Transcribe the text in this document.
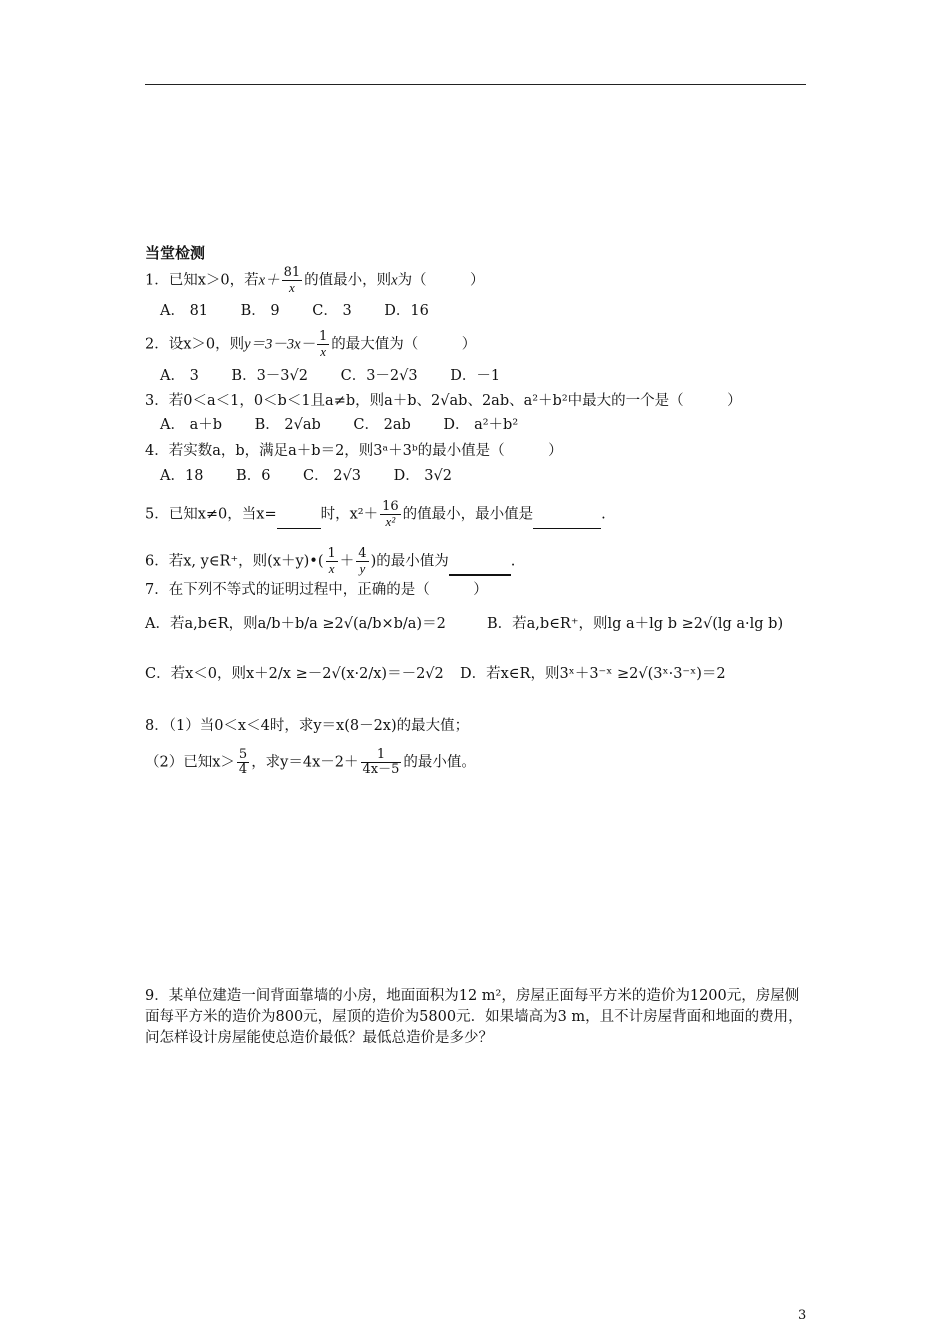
当堂检测
1．已知x＞0，若$x+ \frac{81}{x}$ 的值最小，则x为（　　　）
A． 81 B． 9 C． 3 D．16
2．设x＞0，则$y=3-3x- \frac{1}{x}$ 的最大值为（　　　）
A． 3 B．3－3√2 C．3－2√3 D．－1
3．若0＜a＜1，0＜b＜1且a≠b，则a＋b、2√ab、2ab、a²＋b²中最大的一个是（　　　）
A． a＋b B． 2√ab C． 2ab D． a²＋b²
4．若实数a，b，满足a＋b＝2，则3ᵃ＋3ᵇ的最小值是（　　　）
A．18 B．6 C． 2√3 D． 3√2
5．已知x≠0，当x=	时，$x^2+ \frac{16}{\text{x²}}$ 的值最小，最小值是	.
6．若x, y∈R⁺，则(x＋y)•( $\frac{1}{x} + \frac{4}{y}$ )的最小值为	.
7．在下列不等式的证明过程中，正确的是（　　　）
A．若a,b∈R，则a/b＋b/a ≥2√(a/b×b/a)＝2	B．若a,b∈R⁺，则lg a＋lg b ≥2√(lg a·lg b)
C．若x＜0，则x＋2/x ≥－2√(x·2/x)＝－2√2 D．若x∈R，则3ˣ＋3⁻ˣ ≥2√(3ˣ·3⁻ˣ)＝2
8．（1）当0＜x＜4时，求y＝x(8－2x)的最大值；
（2）已知$x> \frac{5}{4}$ ，求$y=4x-2+ \frac{1}{4x-5}$ 的最小值。
9．某单位建造一间背面靠墙的小房，地面面积为12 m²，房屋正面每平方米的造价为1200元，房屋侧面每平方米的造价为800元，屋顶的造价为5800元．如果墙高为3 m，且不计房屋背面和地面的费用，问怎样设计房屋能使总造价最低？最低总造价是多少？
3
